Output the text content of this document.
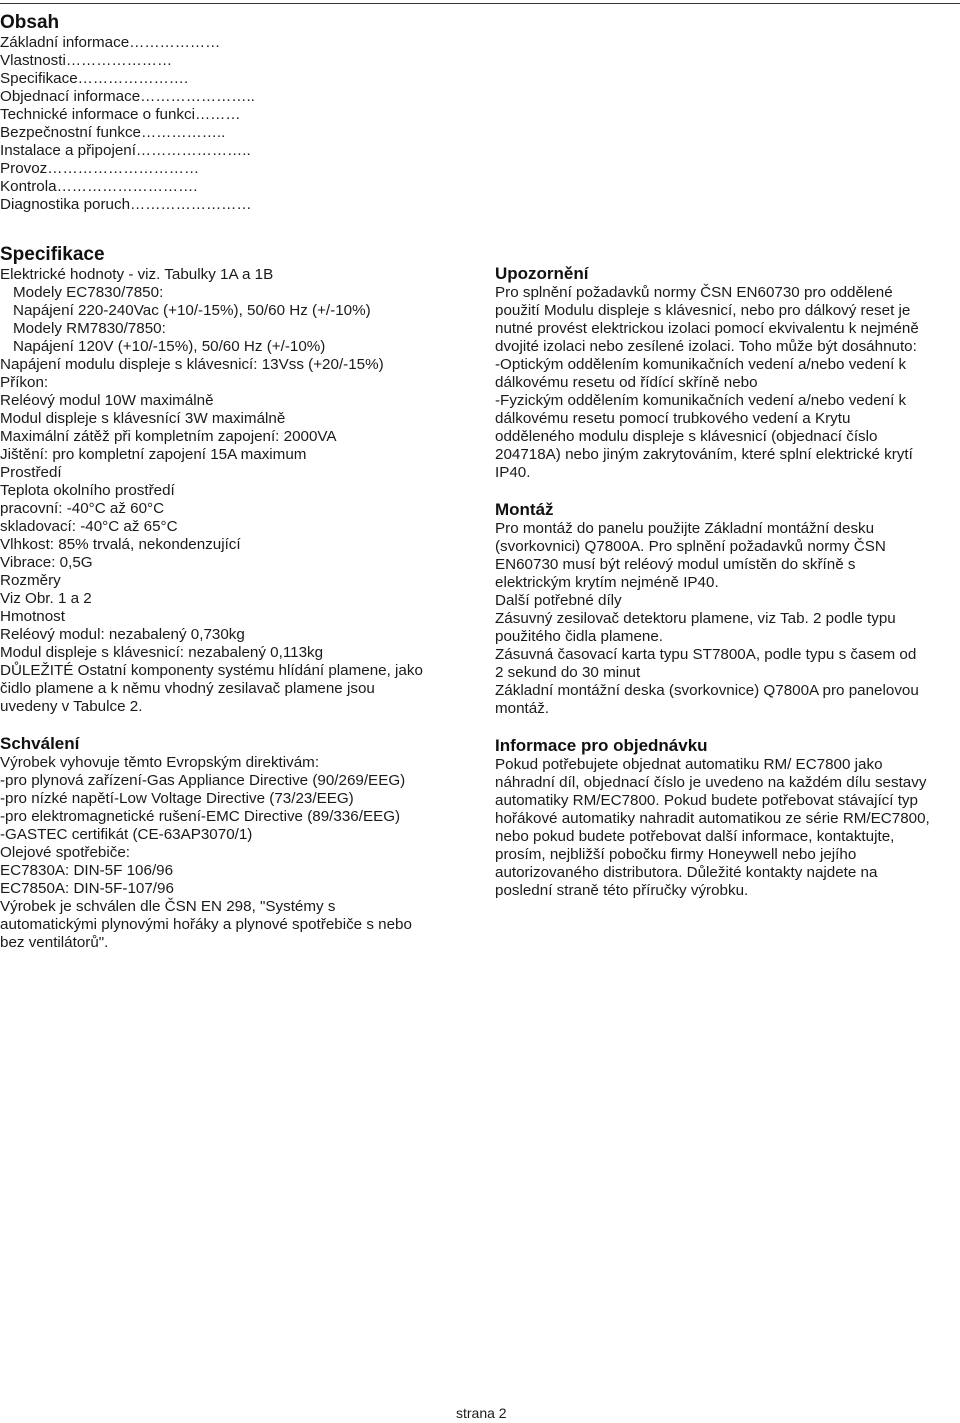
Obsah
Základní informace………………
Vlastnosti…………………
Specifikace………………….
Objednací informace…………………..
Technické informace o funkci………
Bezpečnostní funkce……………..
Instalace a připojení…………………..
Provoz…………………………
Kontrola……………………….
Diagnostika poruch……………………
Specifikace
Elektrické hodnoty - viz. Tabulky 1A a 1B
Modely EC7830/7850:
Napájení 220-240Vac (+10/-15%), 50/60 Hz (+/-10%)
Modely RM7830/7850:
Napájení 120V (+10/-15%), 50/60 Hz (+/-10%)
Napájení modulu displeje s klávesnicí: 13Vss (+20/-15%)
Příkon:
Reléový modul 10W maximálně
Modul displeje s klávesnící 3W maximálně
Maximální zátěž při kompletním zapojení: 2000VA
Jištění: pro kompletní zapojení 15A maximum
Prostředí
Teplota okolního prostředí
pracovní: -40°C až 60°C
skladovací: -40°C až 65°C
Vlhkost: 85% trvalá, nekondenzující
Vibrace: 0,5G
Rozměry
Viz Obr. 1 a 2
Hmotnost
Reléový modul: nezabalený 0,730kg
Modul displeje s klávesnicí: nezabalený 0,113kg
DŮLEŽITÉ Ostatní komponenty systému hlídání plamene, jako
čidlo plamene a k němu vhodný zesilavač plamene jsou
uvedeny v Tabulce 2.
Schválení
Výrobek vyhovuje těmto Evropským direktivám:
-pro plynová zařízení-Gas Appliance Directive (90/269/EEG)
-pro nízké napětí-Low Voltage Directive (73/23/EEG)
-pro elektromagnetické rušení-EMC Directive (89/336/EEG)
-GASTEC certifikát (CE-63AP3070/1)
Olejové spotřebiče:
EC7830A: DIN-5F 106/96
EC7850A: DIN-5F-107/96
Výrobek je schválen dle ČSN EN 298, "Systémy s
automatickými plynovými hořáky a plynové spotřebiče s nebo
bez ventilátorů".
Upozornění
Pro splnění požadavků normy ČSN EN60730 pro oddělené
použití Modulu displeje s klávesnicí, nebo pro dálkový reset je
nutné provést elektrickou izolaci pomocí ekvivalentu k nejméně
dvojité izolaci nebo zesílené izolaci. Toho může být dosáhnuto:
-Optickým oddělením komunikačních vedení a/nebo vedení k
dálkovému resetu od řídící skříně nebo
-Fyzickým oddělením komunikačních vedení a/nebo vedení k
dálkovému resetu pomocí trubkového vedení a Krytu
odděleného modulu displeje s klávesnicí (objednací číslo
204718A) nebo jiným zakrytováním, které splní elektrické krytí
IP40.
Montáž
Pro montáž do panelu použijte Základní montážní desku
(svorkovnici) Q7800A. Pro splnění požadavků normy ČSN
EN60730 musí být reléový modul umístěn do skříně s
elektrickým krytím nejméně IP40.
Další potřebné díly
Zásuvný zesilovač detektoru plamene, viz Tab. 2 podle typu
použitého čidla plamene.
Zásuvná časovací karta typu ST7800A, podle typu s časem od
2 sekund do 30 minut
Základní montážní deska (svorkovnice) Q7800A pro panelovou
montáž.
Informace pro objednávku
Pokud potřebujete objednat automatiku RM/ EC7800 jako
náhradní díl, objednací číslo je uvedeno na každém dílu sestavy
automatiky RM/EC7800. Pokud budete potřebovat stávající typ
hořákové automatiky nahradit automatikou ze série RM/EC7800,
nebo pokud budete potřebovat další informace, kontaktujte,
prosím, nejbližší pobočku firmy Honeywell nebo jejího
autorizovaného distributora. Důležité kontakty najdete na
poslední straně této příručky výrobku.
strana 2
